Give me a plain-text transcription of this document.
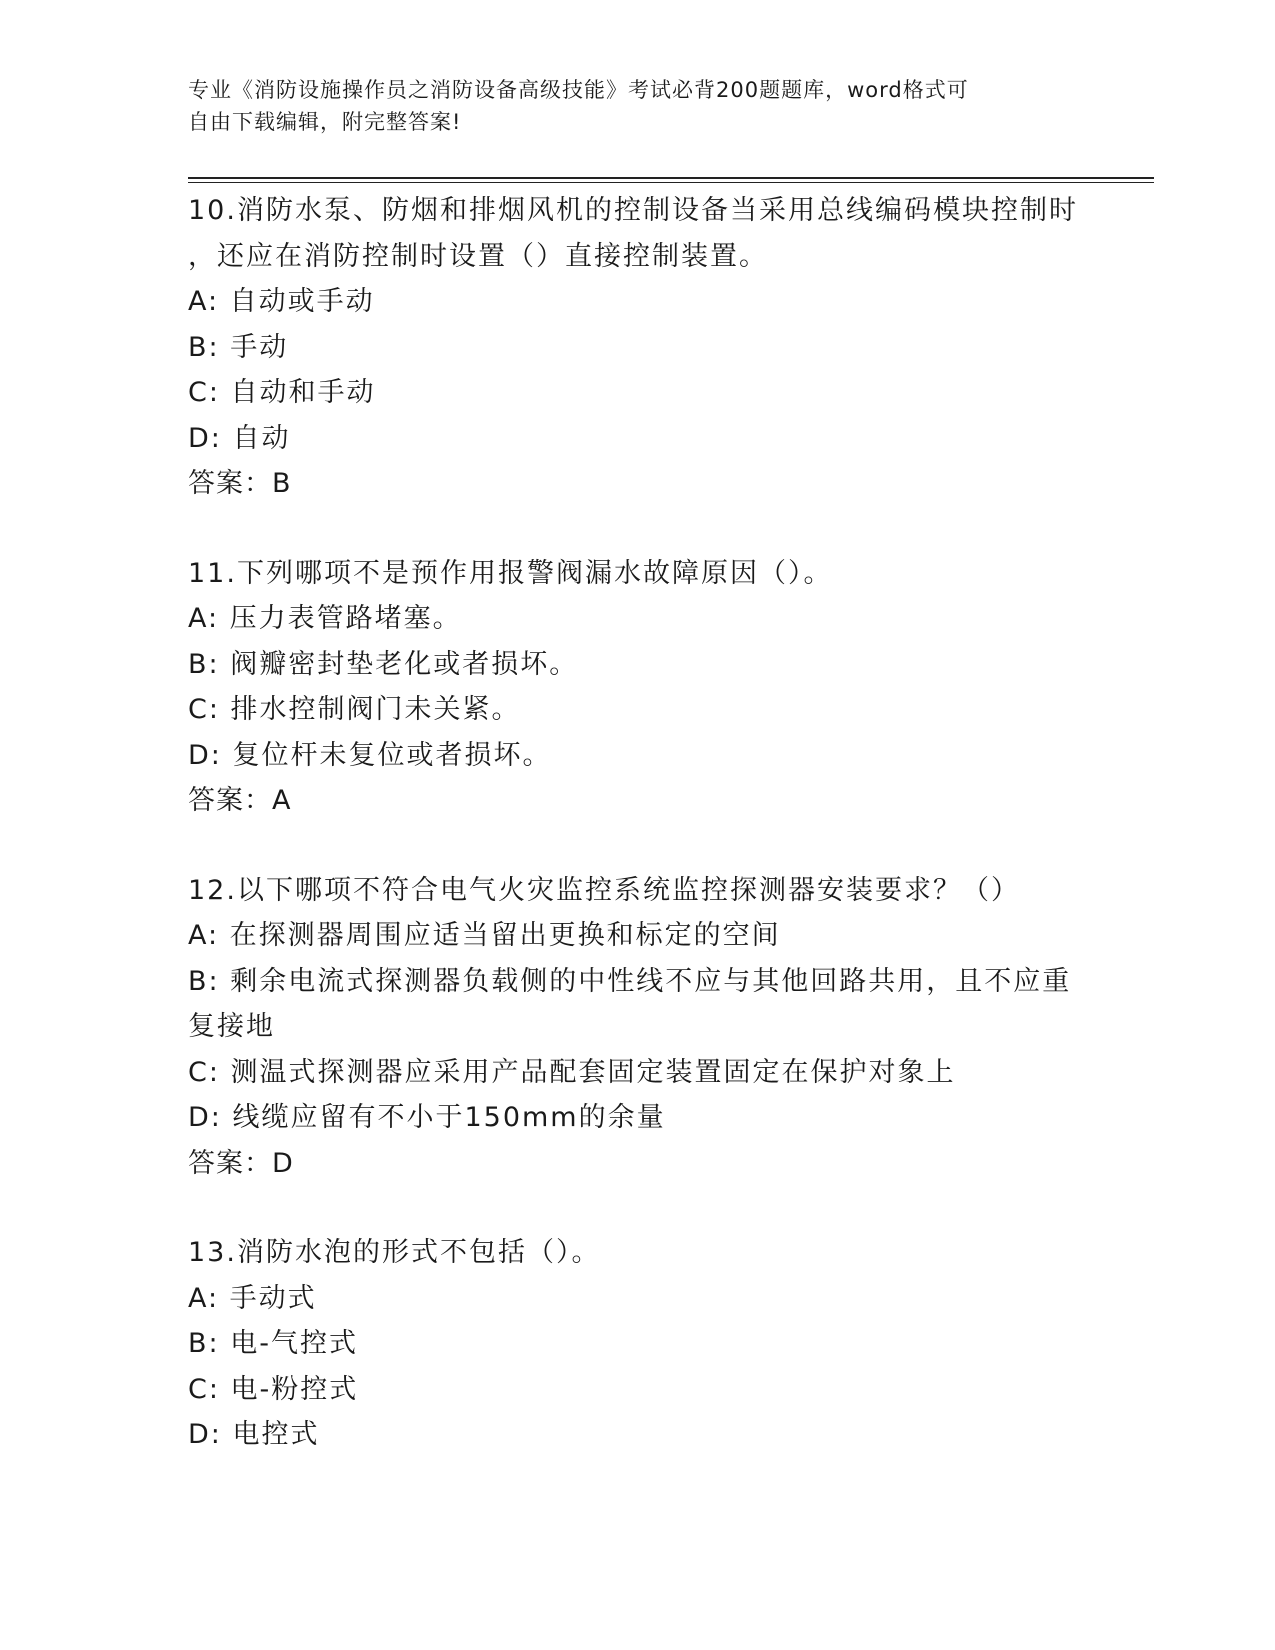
专业《消防设施操作员之消防设备高级技能》考试必背200题题库，word格式可
自由下载编辑，附完整答案!
10.消防水泵、防烟和排烟风机的控制设备当采用总线编码模块控制时
，还应在消防控制时设置（）直接控制装置。
A: 自动或手动
B: 手动
C: 自动和手动
D: 自动
答案：B
11.下列哪项不是预作用报警阀漏水故障原因（）。
A: 压力表管路堵塞。
B: 阀瓣密封垫老化或者损坏。
C: 排水控制阀门未关紧。
D: 复位杆未复位或者损坏。
答案：A
12.以下哪项不符合电气火灾监控系统监控探测器安装要求？（）
A: 在探测器周围应适当留出更换和标定的空间
B: 剩余电流式探测器负载侧的中性线不应与其他回路共用，且不应重
复接地
C: 测温式探测器应采用产品配套固定装置固定在保护对象上
D: 线缆应留有不小于150mm的余量
答案：D
13.消防水泡的形式不包括（）。
A: 手动式
B: 电-气控式
C: 电-粉控式
D: 电控式
